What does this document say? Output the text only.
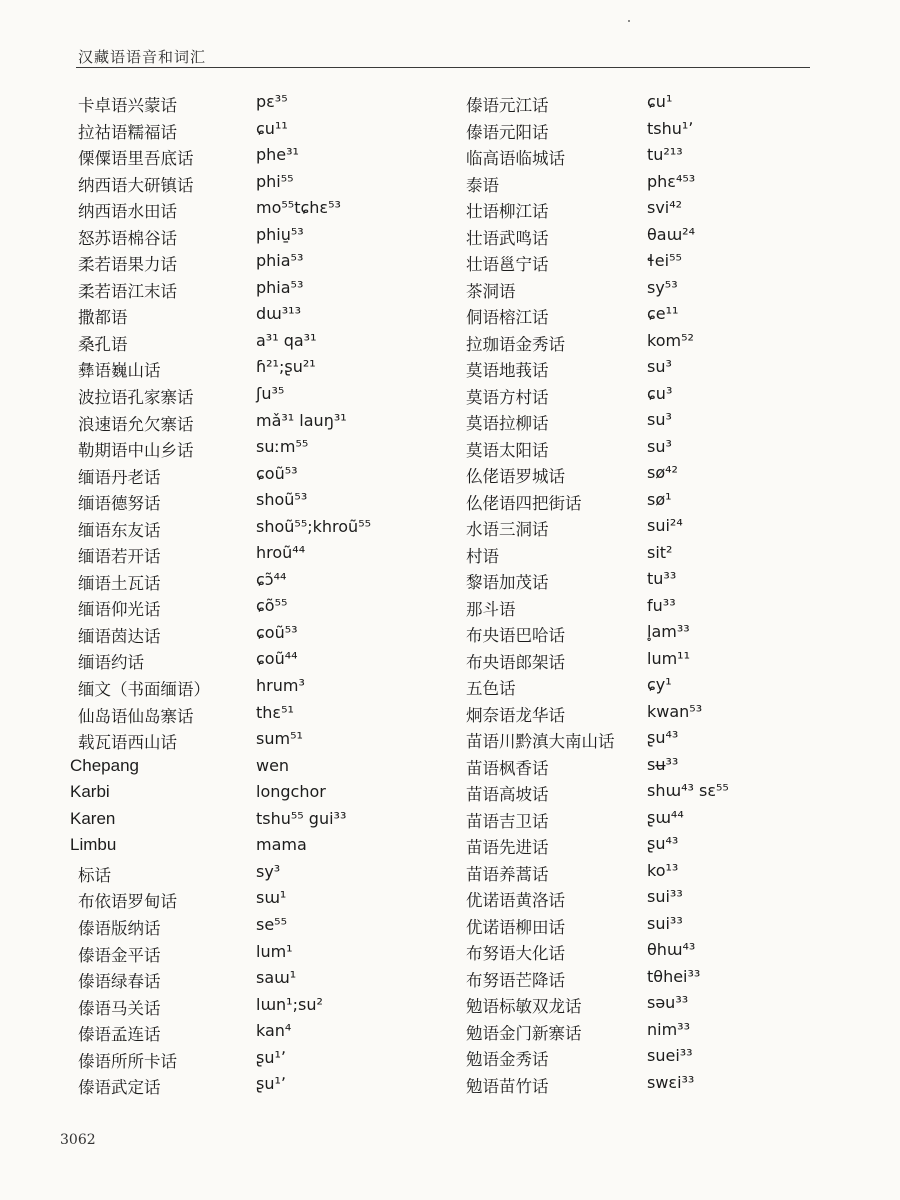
汉藏语语音和词汇
卡卓语兴蒙话	pɛ³⁵
拉祜语糯福话	ɕu¹¹
傈僳语里吾底话	phe³¹
纳西语大研镇话	phi⁵⁵
纳西语水田话	mo⁵⁵tɕhɛ⁵³
怒苏语棉谷话	phiu̱⁵³
柔若语果力话	phia⁵³
柔若语江末话	phia⁵³
撒都语	dɯ³¹³
桑孔语	a³¹ qa³¹
彝语巍山话	ɦ²¹;ʂu²¹
波拉语孔家寨话	ʃu³⁵
浪速语允欠寨话	mǎ³¹ lauŋ³¹
勒期语中山乡话	suːm⁵⁵
缅语丹老话	ɕoũ⁵³
缅语德努话	shoũ⁵³
缅语东友话	shoũ⁵⁵;khroũ⁵⁵
缅语若开话	hroũ⁴⁴
缅语土瓦话	ɕɔ̃⁴⁴
缅语仰光话	ɕõ⁵⁵
缅语茵达话	ɕoũ⁵³
缅语约话	ɕoũ⁴⁴
缅文（书面缅语）	hrum³
仙岛语仙岛寨话	thɛ⁵¹
载瓦语西山话	sum⁵¹
Chepang	wen
Karbi	longchor
Karen	tshu⁵⁵ gui³³
Limbu	mama
标话	sy³
布依语罗甸话	sɯ¹
傣语版纳话	se⁵⁵
傣语金平话	lum¹
傣语绿春话	saɯ¹
傣语马关话	lɯn¹;su²
傣语孟连话	kan⁴
傣语所所卡话	ʂu¹ʼ
傣语武定话	ʂu¹ʼ
傣语元江话	ɕu¹
傣语元阳话	tshu¹ʼ
临高语临城话	tu²¹³
泰语	phɛ⁴⁵³
壮语柳江话	svi⁴²
壮语武鸣话	θaɯ²⁴
壮语邕宁话	ɬei⁵⁵
茶洞语	sy⁵³
侗语榕江话	ɕe¹¹
拉珈语金秀话	kom⁵²
莫语地莪话	su³
莫语方村话	ɕu³
莫语拉柳话	su³
莫语太阳话	su³
仫佬语罗城话	sø⁴²
仫佬语四把街话	sø¹
水语三洞话	sui²⁴
村语	sit²
黎语加茂话	tu³³
那斗语	fu³³
布央语巴哈话	l̥am³³
布央语郎架话	lum¹¹
五色话	ɕy¹
炯奈语龙华话	kwan⁵³
苗语川黔滇大南山话 ʂu⁴³
苗语枫香话	sʉ³³
苗语高坡话	shɯ⁴³ sɛ⁵⁵
苗语吉卫话	ʂɯ⁴⁴
苗语先进话	ʂu⁴³
苗语养蒿话	ko¹³
优诺语黄洛话	sui³³
优诺语柳田话	sui³³
布努语大化话	θhɯ⁴³
布努语芒降话	tθhei³³
勉语标敏双龙话	səu³³
勉语金门新寨话	nim³³
勉语金秀话	suei³³
勉语苗竹话	swɛi³³
3062
